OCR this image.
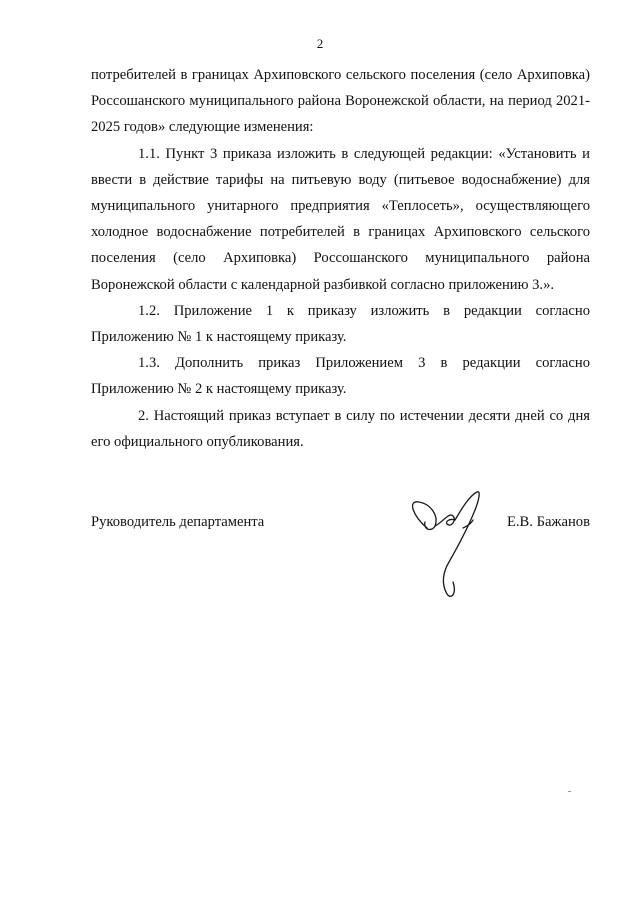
2

потребителей в границах Архиповского сельского поселения (село Архиповка) Россошанского муниципального района Воронежской области, на период 2021-2025 годов» следующие изменения:

1.1. Пункт 3 приказа изложить в следующей редакции: «Установить и ввести в действие тарифы на питьевую воду (питьевое водоснабжение) для муниципального унитарного предприятия «Теплосеть», осуществляющего холодное водоснабжение потребителей в границах Архиповского сельского поселения (село Архиповка) Россошанского муниципального района Воронежской области с календарной разбивкой согласно приложению 3.».

1.2. Приложение 1 к приказу изложить в редакции согласно Приложению № 1 к настоящему приказу.

1.3. Дополнить приказ Приложением 3 в редакции согласно Приложению № 2 к настоящему приказу.

2. Настоящий приказ вступает в силу по истечении десяти дней со дня его официального опубликования.

Руководитель департамента	Е.В. Бажанов
